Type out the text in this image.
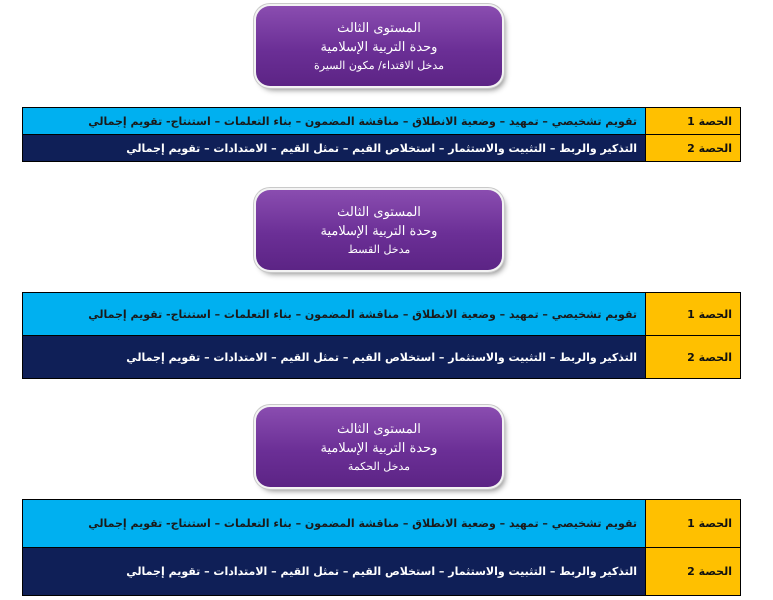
المستوى الثالث
وحدة التربية الإسلامية
مدخل الاقتداء/ مكون السيرة
الحصة 1	تقويم تشخيصي – تمهيد – وضعية الانطلاق – مناقشة المضمون – بناء التعلمات – استنتاج- تقويم إجمالي
الحصة 2	التذكير والربط – التثبيت والاستثمار – استخلاص القيم – تمثل القيم – الامتدادات – تقويم إجمالي
المستوى الثالث
وحدة التربية الإسلامية
مدخل القسط
الحصة 1	تقويم تشخيصي – تمهيد – وضعية الانطلاق – مناقشة المضمون – بناء التعلمات – استنتاج- تقويم إجمالي
الحصة 2	التذكير والربط – التثبيت والاستثمار – استخلاص القيم – تمثل القيم – الامتدادات – تقويم إجمالي
المستوى الثالث
وحدة التربية الإسلامية
مدخل الحكمة
الحصة 1	تقويم تشخيصي – تمهيد – وضعية الانطلاق – مناقشة المضمون – بناء التعلمات – استنتاج- تقويم إجمالي
الحصة 2	التذكير والربط – التثبيت والاستثمار – استخلاص القيم – تمثل القيم – الامتدادات – تقويم إجمالي
